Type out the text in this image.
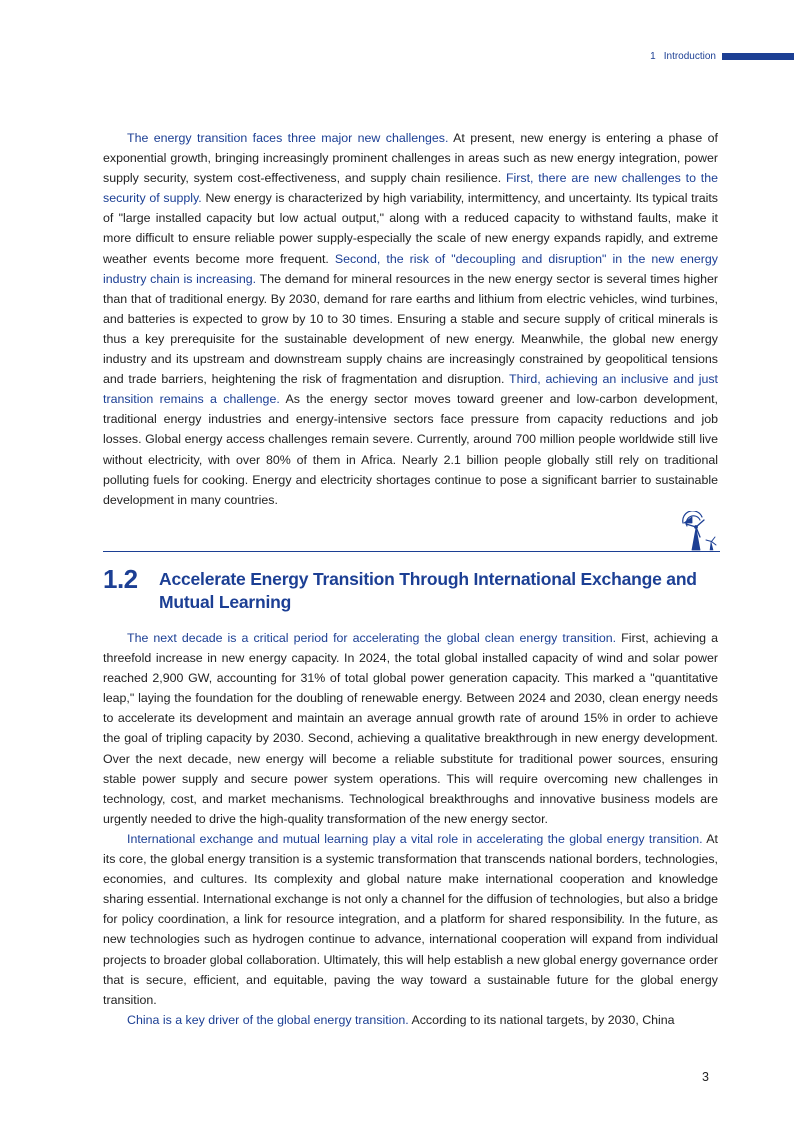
1 Introduction

The energy transition faces three major new challenges. At present, new energy is entering a phase of exponential growth, bringing increasingly prominent challenges in areas such as new energy integration, power supply security, system cost-effectiveness, and supply chain resilience. First, there are new challenges to the security of supply. New energy is characterized by high variability, intermittency, and uncertainty. Its typical traits of "large installed capacity but low actual output," along with a reduced capacity to withstand faults, make it more difficult to ensure reliable power supply-especially the scale of new energy expands rapidly, and extreme weather events become more frequent. Second, the risk of "decoupling and disruption" in the new energy industry chain is increasing. The demand for mineral resources in the new energy sector is several times higher than that of traditional energy. By 2030, demand for rare earths and lithium from electric vehicles, wind turbines, and batteries is expected to grow by 10 to 30 times. Ensuring a stable and secure supply of critical minerals is thus a key prerequisite for the sustainable development of new energy. Meanwhile, the global new energy industry and its upstream and downstream supply chains are increasingly constrained by geopolitical tensions and trade barriers, heightening the risk of fragmentation and disruption. Third, achieving an inclusive and just transition remains a challenge. As the energy sector moves toward greener and low-carbon development, traditional energy industries and energy-intensive sectors face pressure from capacity reductions and job losses. Global energy access challenges remain severe. Currently, around 700 million people worldwide still live without electricity, with over 80% of them in Africa. Nearly 2.1 billion people globally still rely on traditional polluting fuels for cooking. Energy and electricity shortages continue to pose a significant barrier to sustainable development in many countries.

1.2	Accelerate Energy Transition Through International Exchange and
Mutual Learning

The next decade is a critical period for accelerating the global clean energy transition. First, achieving a threefold increase in new energy capacity. In 2024, the total global installed capacity of wind and solar power reached 2,900 GW, accounting for 31% of total global power generation capacity. This marked a "quantitative leap," laying the foundation for the doubling of renewable energy. Between 2024 and 2030, clean energy needs to accelerate its development and maintain an average annual growth rate of around 15% in order to achieve the goal of tripling capacity by 2030. Second, achieving a qualitative breakthrough in new energy development. Over the next decade, new energy will become a reliable substitute for traditional power sources, ensuring stable power supply and secure power system operations. This will require overcoming new challenges in technology, cost, and market mechanisms. Technological breakthroughs and innovative business models are urgently needed to drive the high-quality transformation of the new energy sector.

International exchange and mutual learning play a vital role in accelerating the global energy transition. At its core, the global energy transition is a systemic transformation that transcends national borders, technologies, economies, and cultures. Its complexity and global nature make international cooperation and knowledge sharing essential. International exchange is not only a channel for the diffusion of technologies, but also a bridge for policy coordination, a link for resource integration, and a platform for shared responsibility. In the future, as new technologies such as hydrogen continue to advance, international cooperation will expand from individual projects to broader global collaboration. Ultimately, this will help establish a new global energy governance order that is secure, efficient, and equitable, paving the way toward a sustainable future for the global energy transition.

China is a key driver of the global energy transition. According to its national targets, by 2030, China

3
